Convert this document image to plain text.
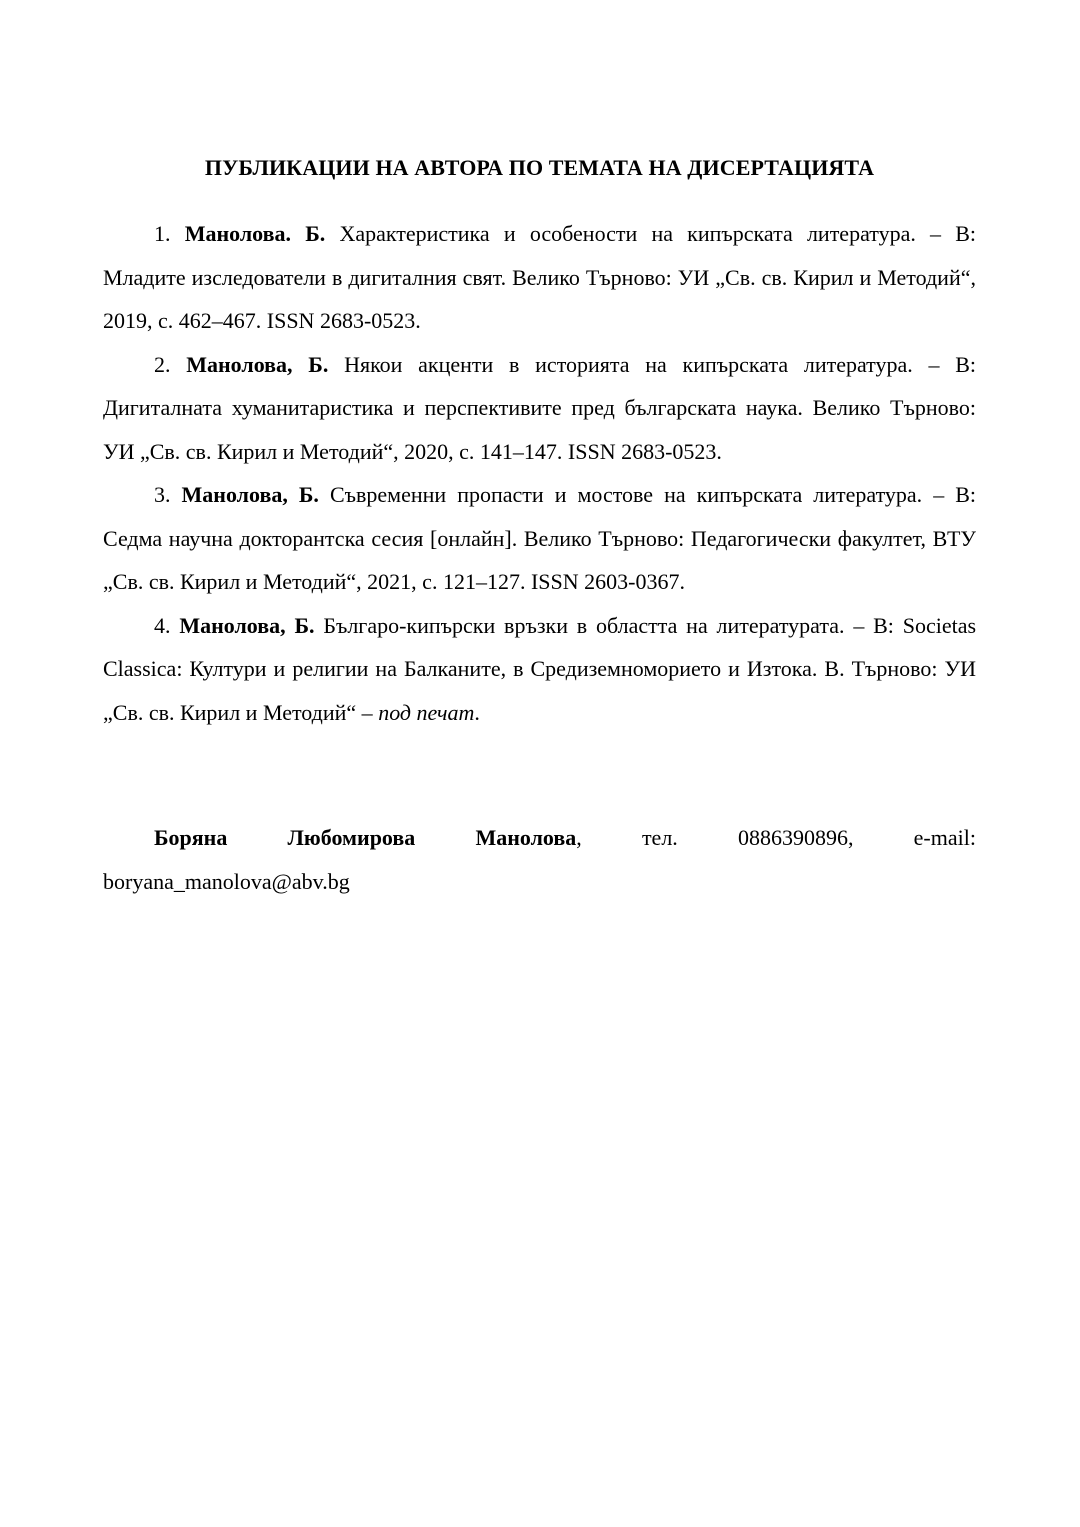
ПУБЛИКАЦИИ НА АВТОРА ПО ТЕМАТА НА ДИСЕРТАЦИЯТА

1. Манолова. Б. Характеристика и особености на кипърската литература. – В: Младите изследователи в дигиталния свят. Велико Търново: УИ „Св. св. Кирил и Методий“, 2019, с. 462–467. ISSN 2683-0523.

2. Манолова, Б. Някои акценти в историята на кипърската литература. – В: Дигиталната хуманитаристика и перспективите пред българската наука. Велико Търново: УИ „Св. св. Кирил и Методий“, 2020, с. 141–147. ISSN 2683-0523.

3. Манолова, Б. Съвременни пропасти и мостове на кипърската литература. – В: Седма научна докторантска сесия [онлайн]. Велико Търново: Педагогически факултет, ВТУ „Св. св. Кирил и Методий“, 2021, с. 121–127. ISSN 2603-0367.

4. Манолова, Б. Българо-кипърски връзки в областта на литературата. – В: Societas Classica: Култури и религии на Балканите, в Средиземноморието и Изтока. В. Търново: УИ „Св. св. Кирил и Методий“ – под печат.

Боряна	Любомирова	Манолова,	тел.	0886390896,	e-mail:

boryana_manolova@abv.bg
